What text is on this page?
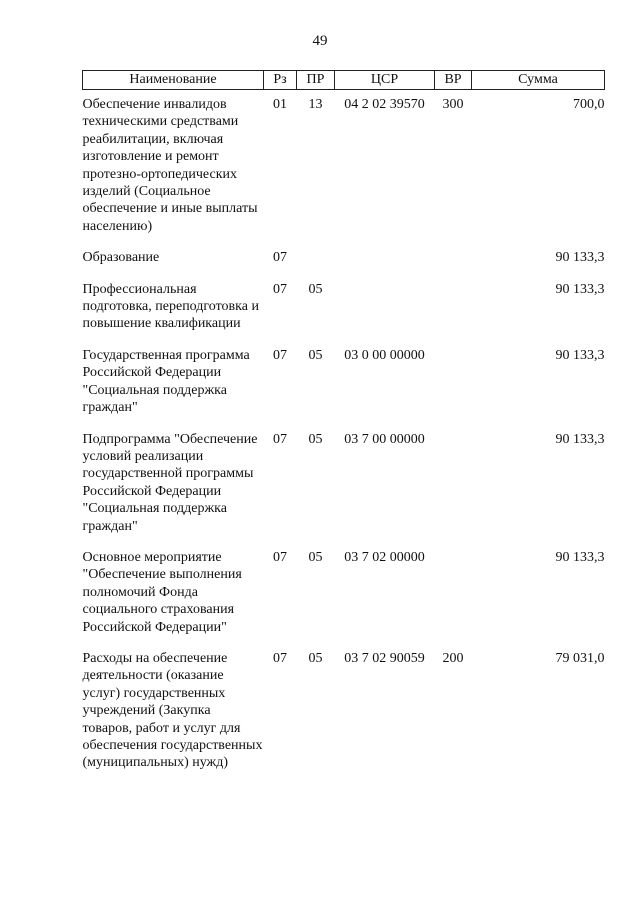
49
Наименование	Рз	ПР	ЦСР	ВР	Сумма
Обеспечение инвалидов техническими средствами реабилитации, включая изготовление и ремонт протезно-ортопедических изделий (Социальное обеспечение и иные выплаты населению)	01	13	04 2 02 39570	300	700,0
Образование	07				90 133,3
Профессиональная подготовка, переподготовка и повышение квалификации	07	05			90 133,3
Государственная программа Российской Федерации "Социальная поддержка граждан"	07	05	03 0 00 00000		90 133,3
Подпрограмма "Обеспечение условий реализации государственной программы Российской Федерации "Социальная поддержка граждан"	07	05	03 7 00 00000		90 133,3
Основное мероприятие "Обеспечение выполнения полномочий Фонда социального страхования Российской Федерации"	07	05	03 7 02 00000		90 133,3
Расходы на обеспечение деятельности (оказание услуг) государственных учреждений (Закупка товаров, работ и услуг для обеспечения государственных (муниципальных) нужд)	07	05	03 7 02 90059	200	79 031,0
